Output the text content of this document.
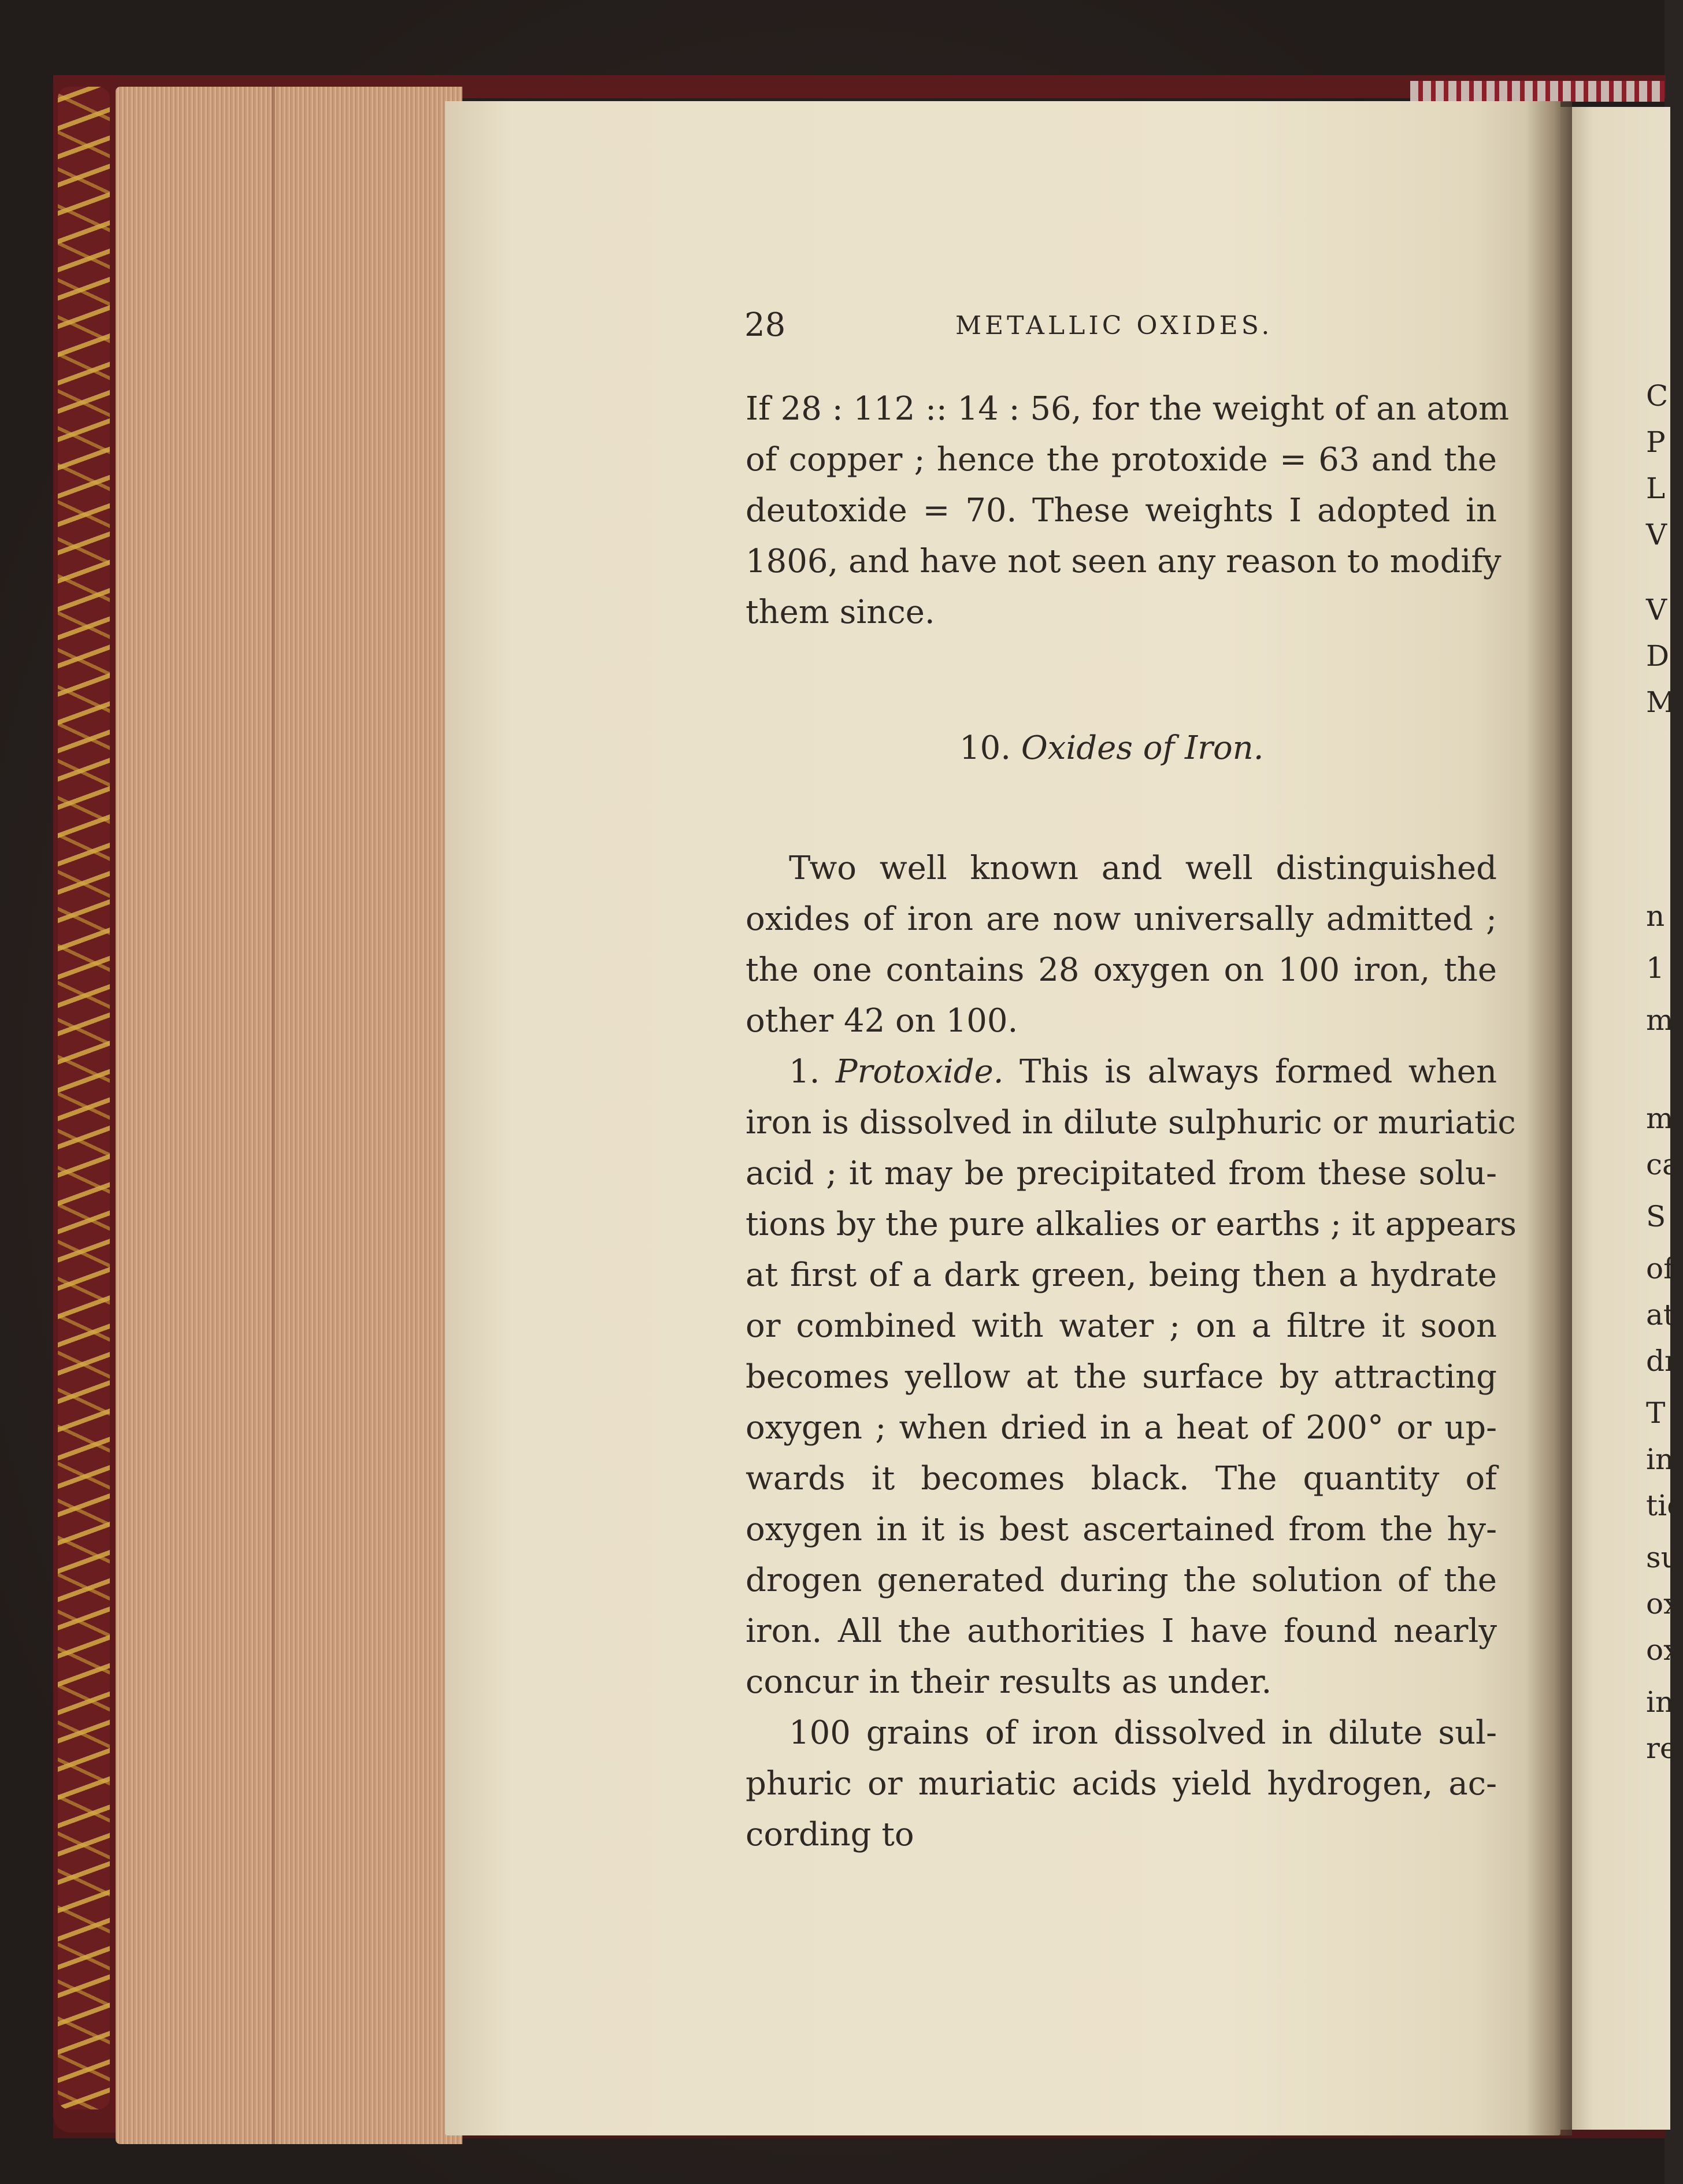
C
P
L
V
V
D
M
n
1
m
m
ca
S
of
at
dr
T
in
tic
su
ox
ox
in
re
28	METALLIC OXIDES.
If 28 : 112 :: 14 : 56, for the weight of an atom
of copper ; hence the protoxide = 63 and the
deutoxide = 70. These weights I adopted in
1806, and have not seen any reason to modify
them since.
Two well known and well distinguished
oxides of iron are now universally admitted ;
the one contains 28 oxygen on 100 iron, the
other 42 on 100.
1. Protoxide. This is always formed when
iron is dissolved in dilute sulphuric or muriatic
acid ; it may be precipitated from these solu-
tions by the pure alkalies or earths ; it appears
at first of a dark green, being then a hydrate
or combined with water ; on a filtre it soon
becomes yellow at the surface by attracting
oxygen ; when dried in a heat of 200° or up-
wards it becomes black. The quantity of
oxygen in it is best ascertained from the hy-
drogen generated during the solution of the
iron. All the authorities I have found nearly
concur in their results as under.
100 grains of iron dissolved in dilute sul-
phuric or muriatic acids yield hydrogen, ac-
cording to
10. Oxides of Iron.
